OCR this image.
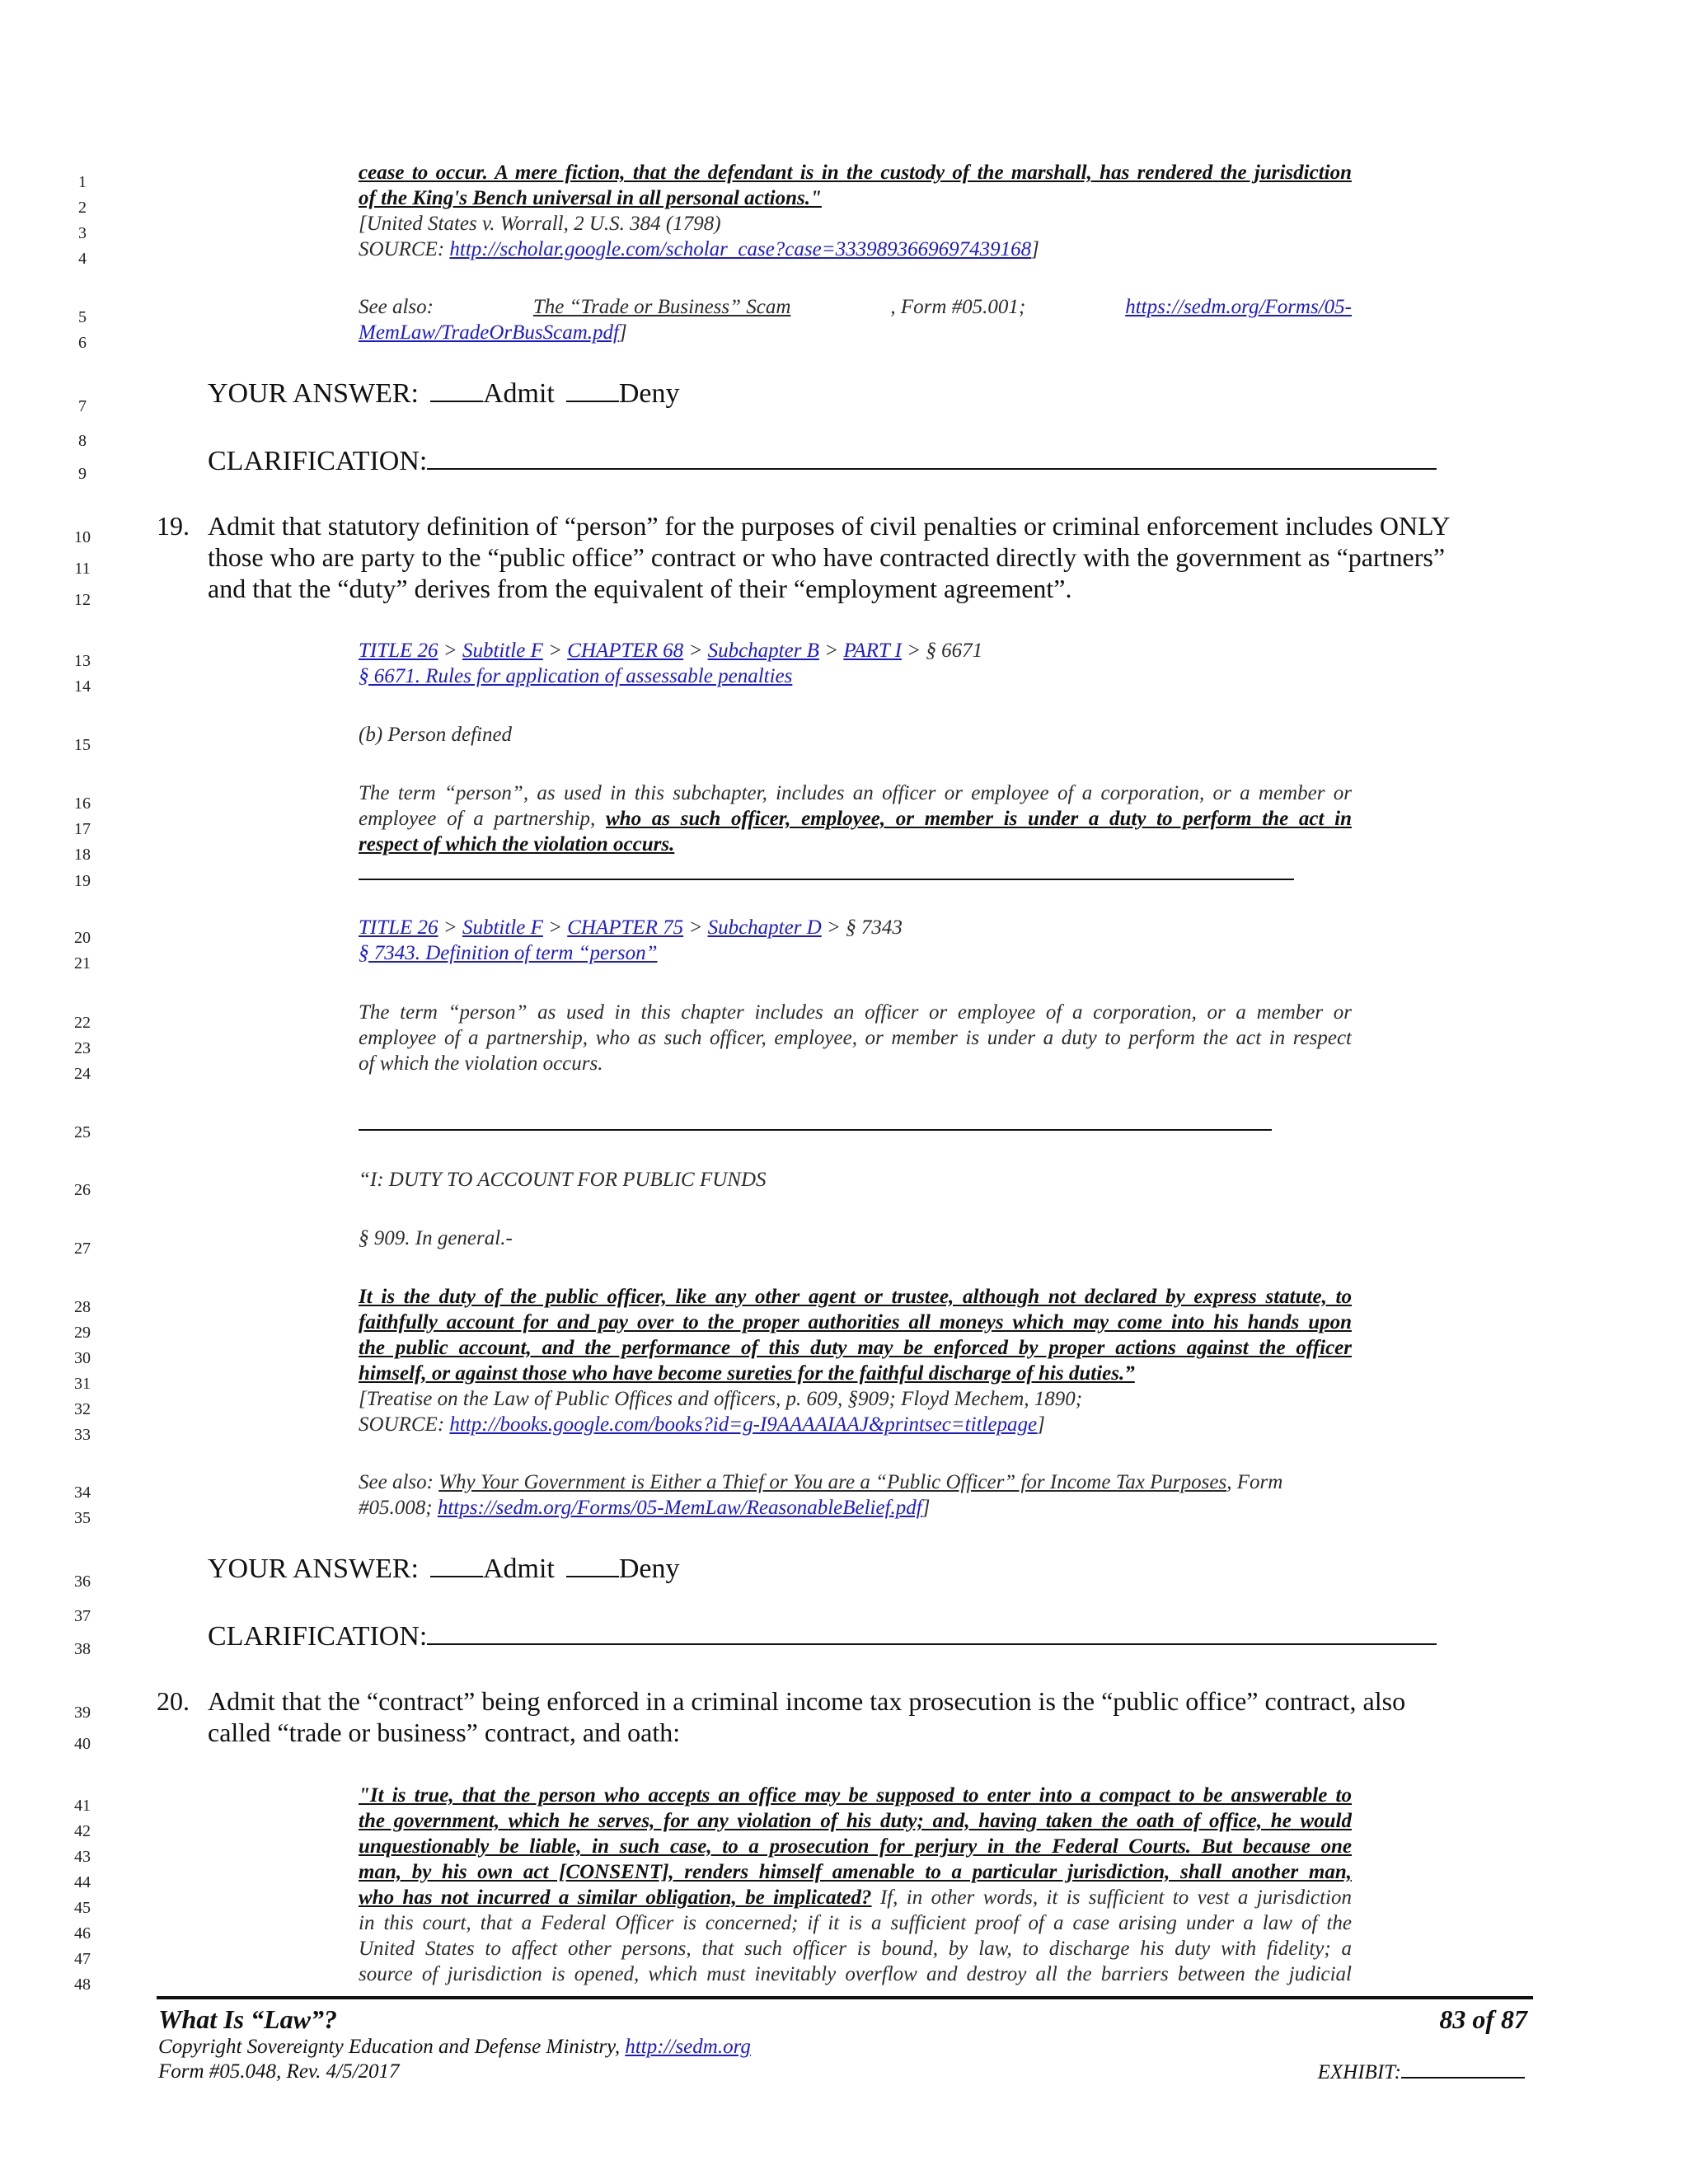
1
2
3
4
5
6
7
8
9
10
11
12
13
14
15
16
17
18
19
20
21
22
23
24
25
26
27
28
29
30
31
32
33
34
35
36
37
38
39
40
41
42
43
44
45
46
47
48
cease to occur. A mere fiction, that the defendant is in the custody of the marshall, has rendered the jurisdiction
of the King's Bench universal in all personal actions."
[United States v. Worrall, 2 U.S. 384 (1798)
SOURCE: http://scholar.google.com/scholar_case?case=3339893669697439168]
See also:	The “Trade or Business” Scam	, Form #05.001;	https://sedm.org/Forms/05-
MemLaw/TradeOrBusScam.pdf]
YOUR ANSWER: Admit Deny
CLARIFICATION:
19. Admit that statutory definition of “person” for the purposes of civil penalties or criminal enforcement includes ONLY
those who are party to the “public office” contract or who have contracted directly with the government as “partners”
and that the “duty” derives from the equivalent of their “employment agreement”.
TITLE 26 > Subtitle F > CHAPTER 68 > Subchapter B > PART I > § 6671
§ 6671. Rules for application of assessable penalties
(b) Person defined
The term “person”, as used in this subchapter, includes an officer or employee of a corporation, or a member or
employee of a partnership, who as such officer, employee, or member is under a duty to perform the act in
respect of which the violation occurs.
TITLE 26 > Subtitle F > CHAPTER 75 > Subchapter D > § 7343
§ 7343. Definition of term “person”
The term “person” as used in this chapter includes an officer or employee of a corporation, or a member or
employee of a partnership, who as such officer, employee, or member is under a duty to perform the act in respect
of which the violation occurs.
“I: DUTY TO ACCOUNT FOR PUBLIC FUNDS
§ 909. In general.-
It is the duty of the public officer, like any other agent or trustee, although not declared by express statute, to
faithfully account for and pay over to the proper authorities all moneys which may come into his hands upon
the public account, and the performance of this duty may be enforced by proper actions against the officer
himself, or against those who have become sureties for the faithful discharge of his duties.”
[Treatise on the Law of Public Offices and officers, p. 609, §909; Floyd Mechem, 1890;
SOURCE: http://books.google.com/books?id=g-I9AAAAIAAJ&printsec=titlepage]
See also: Why Your Government is Either a Thief or You are a “Public Officer” for Income Tax Purposes, Form
#05.008; https://sedm.org/Forms/05-MemLaw/ReasonableBelief.pdf]
YOUR ANSWER: Admit Deny
CLARIFICATION:
20. Admit that the “contract” being enforced in a criminal income tax prosecution is the “public office” contract, also
called “trade or business” contract, and oath:
"It is true, that the person who accepts an office may be supposed to enter into a compact to be answerable to
the government, which he serves, for any violation of his duty; and, having taken the oath of office, he would
unquestionably be liable, in such case, to a prosecution for perjury in the Federal Courts. But because one
man, by his own act [CONSENT], renders himself amenable to a particular jurisdiction, shall another man,
who has not incurred a similar obligation, be implicated? If, in other words, it is sufficient to vest a jurisdiction
in this court, that a Federal Officer is concerned; if it is a sufficient proof of a case arising under a law of the
United States to affect other persons, that such officer is bound, by law, to discharge his duty with fidelity; a
source of jurisdiction is opened, which must inevitably overflow and destroy all the barriers between the judicial
What Is “Law”?	83 of 87
Copyright Sovereignty Education and Defense Ministry, http://sedm.org
Form #05.048, Rev. 4/5/2017	EXHIBIT:
